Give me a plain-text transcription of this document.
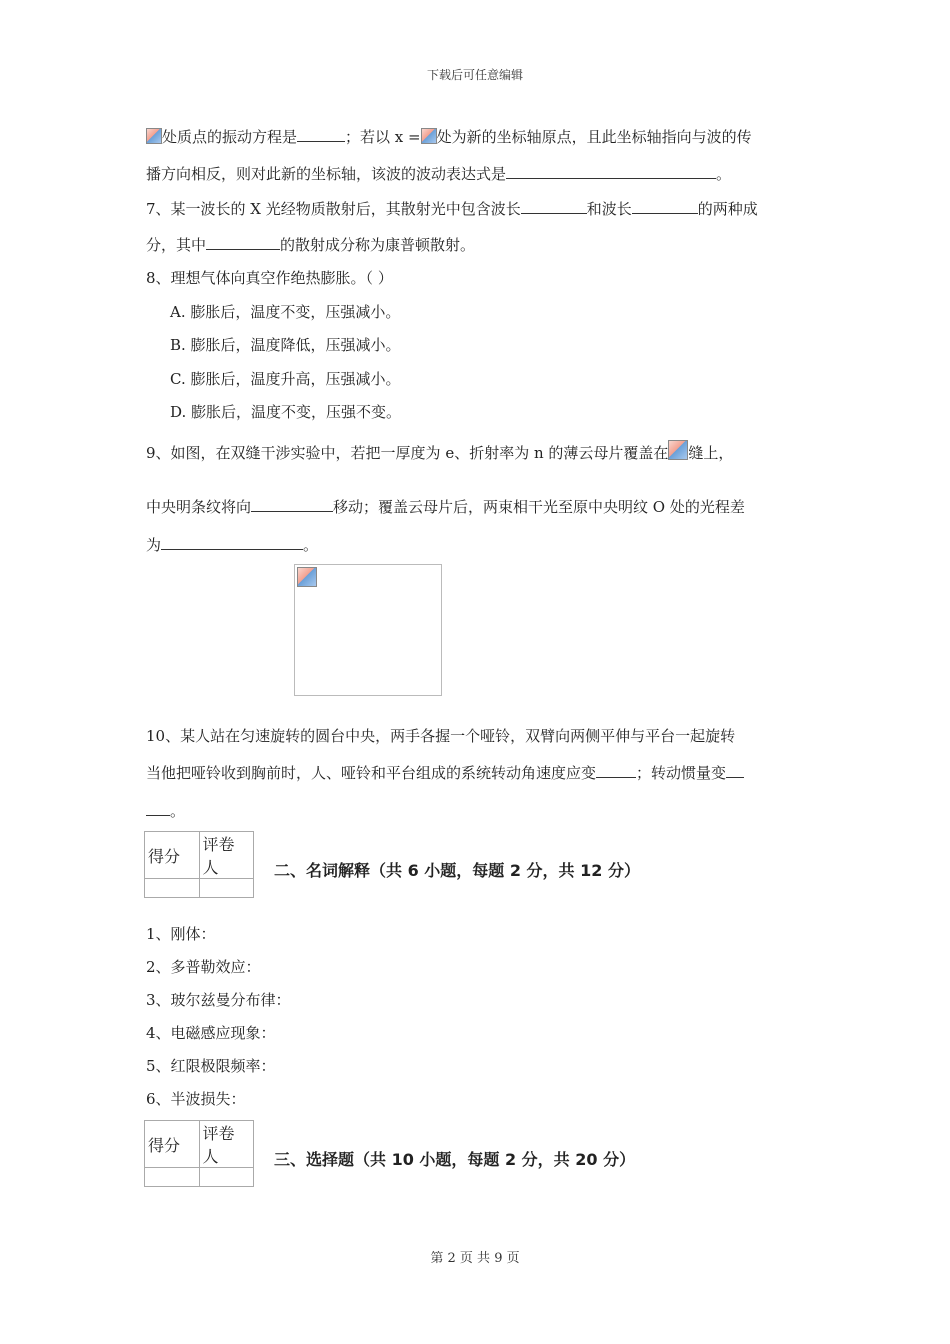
下载后可任意编辑
处质点的振动方程是	；若以 x = 处为新的坐标轴原点，且此坐标轴指向与波的传
播方向相反，则对此新的坐标轴，该波的波动表达式是	。
7、某一波长的 X 光经物质散射后，其散射光中包含波长	和波长	的两种成
分，其中	的散射成分称为康普顿散射。
8、理想气体向真空作绝热膨胀。（ ）
A. 膨胀后，温度不变，压强减小。
B. 膨胀后，温度降低，压强减小。
C. 膨胀后，温度升高，压强减小。
D. 膨胀后，温度不变，压强不变。
9、如图，在双缝干涉实验中，若把一厚度为 e、折射率为 n 的薄云母片覆盖在 缝上，
中央明条纹将向	移动；覆盖云母片后，两束相干光至原中央明纹 O 处的光程差
为	。
10、某人站在匀速旋转的圆台中央，两手各握一个哑铃，双臂向两侧平伸与平台一起旋转
当他把哑铃收到胸前时，人、哑铃和平台组成的系统转动角速度应变	；转动惯量变
。
得分	评卷人
		二、名词解释（共 6 小题，每题 2 分，共 12 分）
1、刚体：
2、多普勒效应：
3、玻尔兹曼分布律：
4、电磁感应现象：
5、红限极限频率：
6、半波损失：
得分	评卷人
		三、选择题（共 10 小题，每题 2 分，共 20 分）
第 2 页 共 9 页
